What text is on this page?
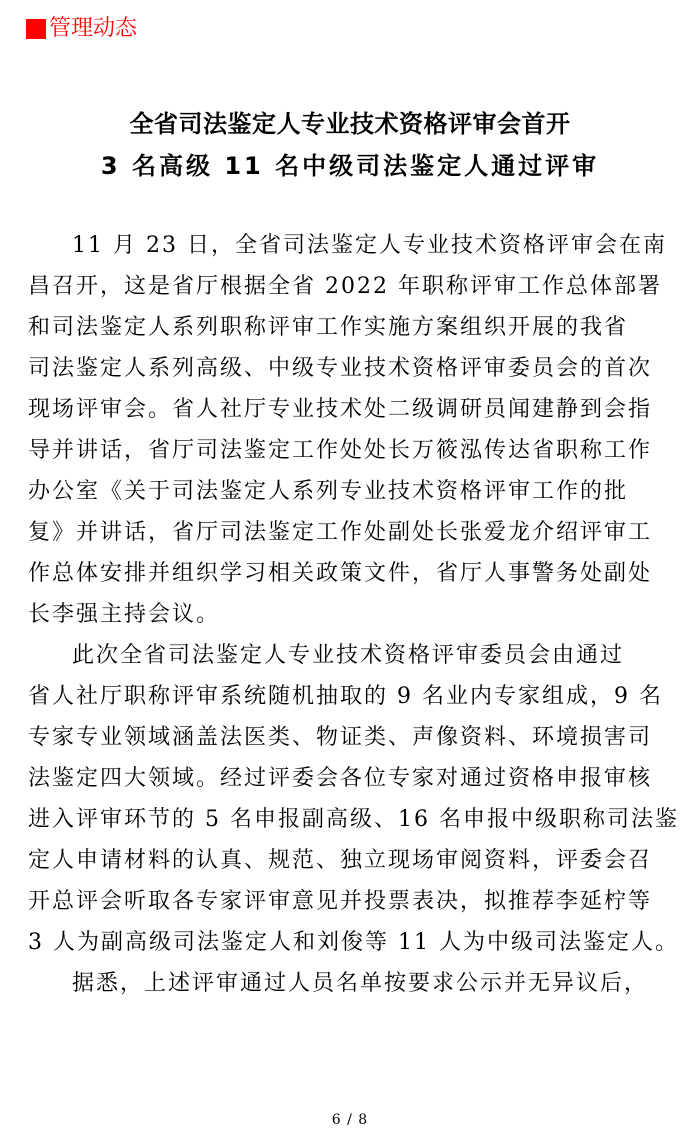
管理动态
全省司法鉴定人专业技术资格评审会首开
3 名高级 11 名中级司法鉴定人通过评审
11 月 23 日，全省司法鉴定人专业技术资格评审会在南
昌召开，这是省厅根据全省 2022 年职称评审工作总体部署
和司法鉴定人系列职称评审工作实施方案组织开展的我省
司法鉴定人系列高级、中级专业技术资格评审委员会的首次
现场评审会。省人社厅专业技术处二级调研员闻建静到会指
导并讲话，省厅司法鉴定工作处处长万筱泓传达省职称工作
办公室《关于司法鉴定人系列专业技术资格评审工作的批
复》并讲话，省厅司法鉴定工作处副处长张爱龙介绍评审工
作总体安排并组织学习相关政策文件，省厅人事警务处副处
长李强主持会议。
此次全省司法鉴定人专业技术资格评审委员会由通过
省人社厅职称评审系统随机抽取的 9 名业内专家组成，9 名
专家专业领域涵盖法医类、物证类、声像资料、环境损害司
法鉴定四大领域。经过评委会各位专家对通过资格申报审核
进入评审环节的 5 名申报副高级、16 名申报中级职称司法鉴
定人申请材料的认真、规范、独立现场审阅资料，评委会召
开总评会听取各专家评审意见并投票表决，拟推荐李延柠等
3 人为副高级司法鉴定人和刘俊等 11 人为中级司法鉴定人。
据悉，上述评审通过人员名单按要求公示并无异议后，
6 / 8
